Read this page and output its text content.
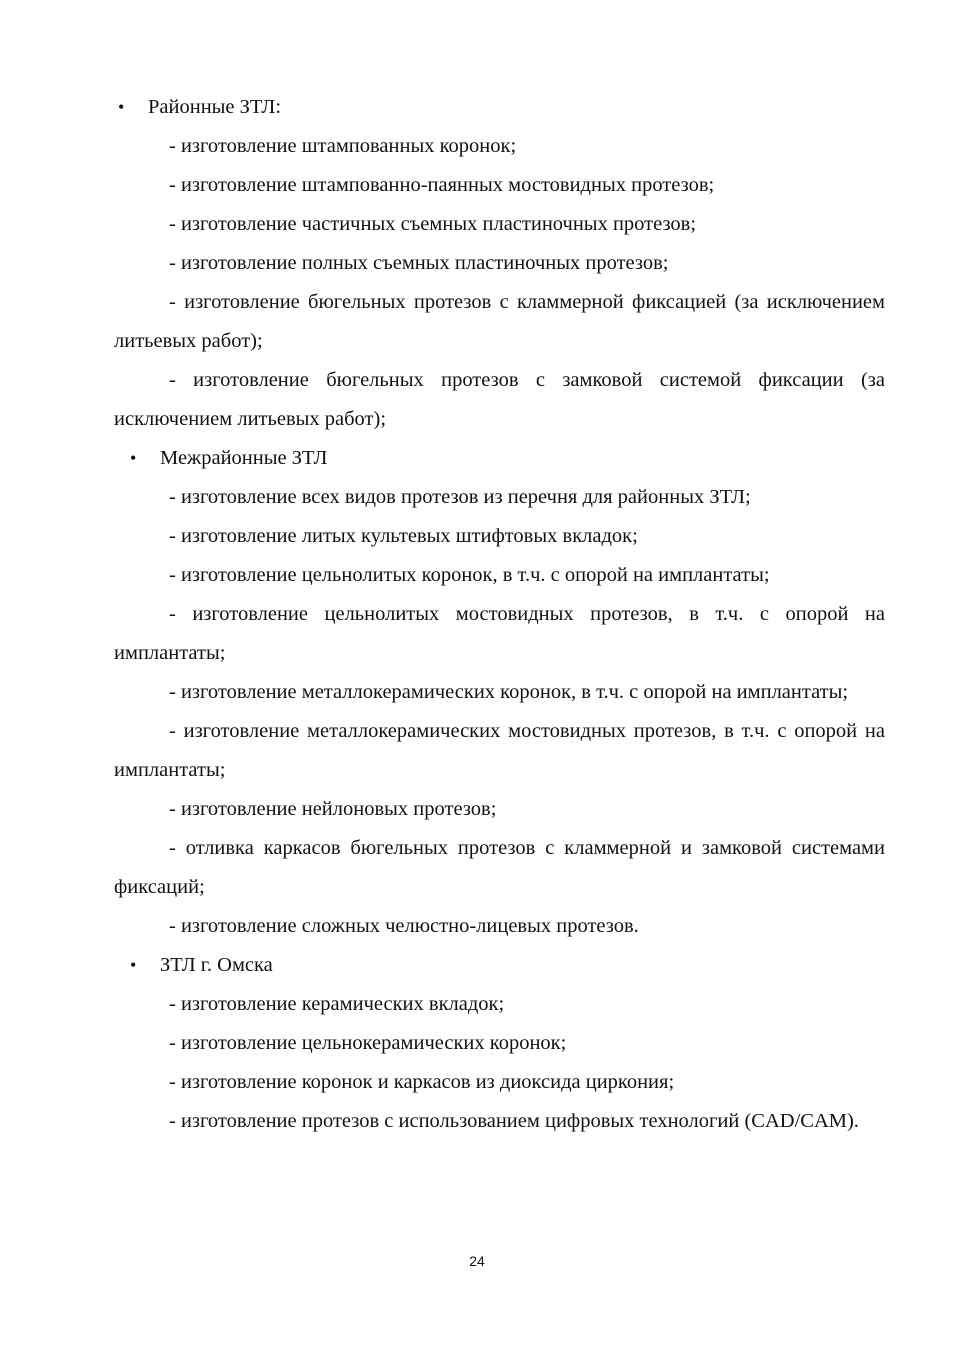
• Районные ЗТЛ:

- изготовление штампованных коронок;

- изготовление штампованно-паянных мостовидных протезов;

- изготовление частичных съемных пластиночных протезов;

- изготовление полных съемных пластиночных протезов;

- изготовление бюгельных протезов с кламмерной фиксацией (за исключением литьевых работ);

- изготовление бюгельных протезов с замковой системой фиксации (за исключением литьевых работ);

• Межрайонные ЗТЛ

- изготовление всех видов протезов из перечня для районных ЗТЛ;

- изготовление литых культевых штифтовых вкладок;

- изготовление цельнолитых коронок, в т.ч. с опорой на имплантаты;

- изготовление цельнолитых мостовидных протезов, в т.ч. с опорой на имплантаты;

- изготовление металлокерамических коронок, в т.ч. с опорой на имплантаты;

- изготовление металлокерамических мостовидных протезов, в т.ч. с опорой на имплантаты;

- изготовление нейлоновых протезов;

- отливка каркасов бюгельных протезов с кламмерной и замковой системами фиксаций;

- изготовление сложных челюстно-лицевых протезов.

• ЗТЛ г. Омска

- изготовление керамических вкладок;

- изготовление цельнокерамических коронок;

- изготовление коронок и каркасов из диоксида циркония;

- изготовление протезов с использованием цифровых технологий (CAD/CAM).

24
